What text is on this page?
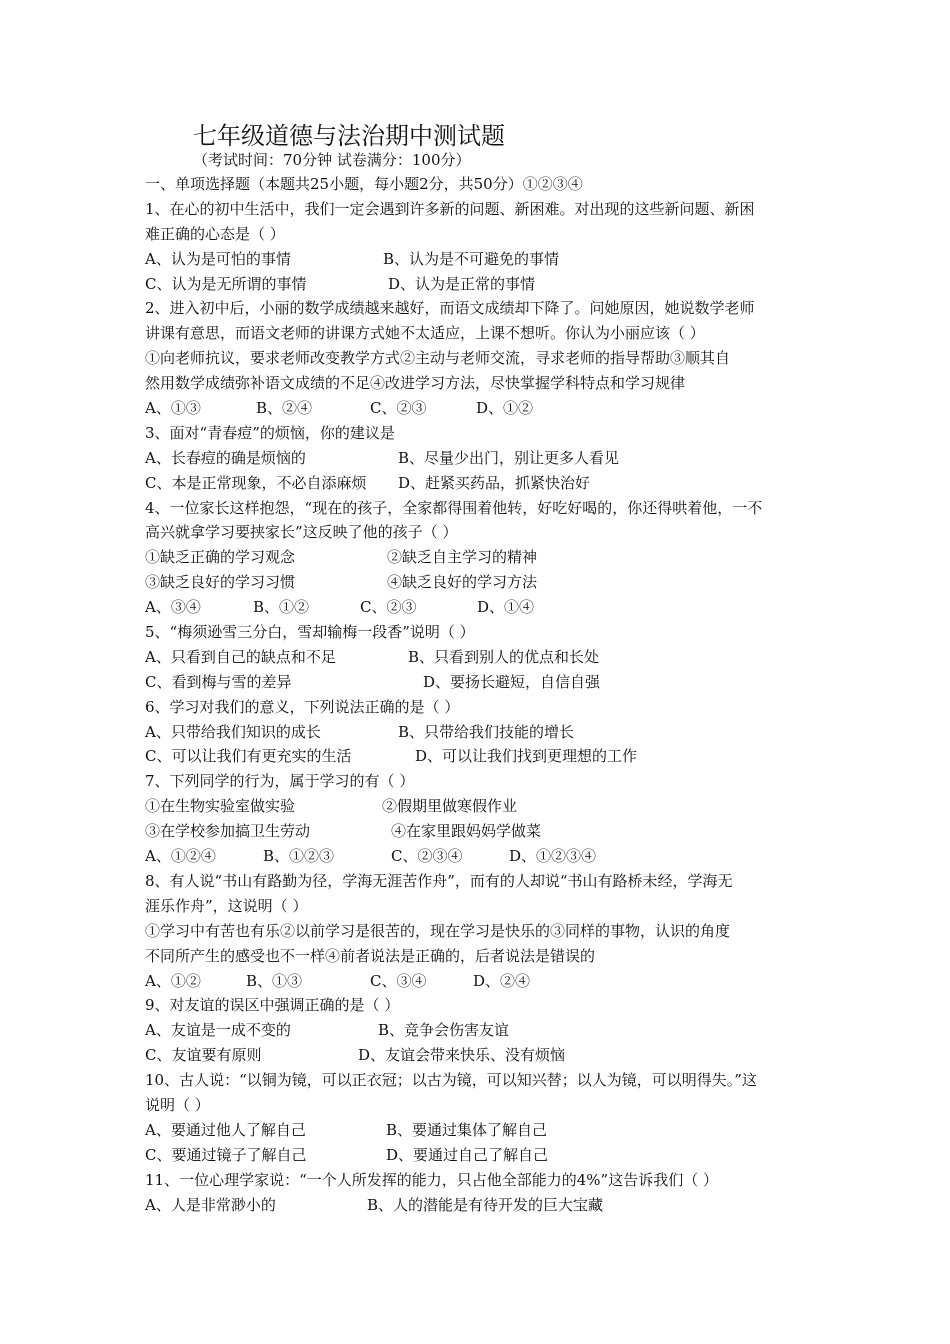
七年级道德与法治期中测试题
（考试时间：70分钟 试卷满分：100分）
一、单项选择题（本题共25小题，每小题2分，共50分）①②③④
1、在心的初中生活中，我们一定会遇到许多新的问题、新困难。对出现的这些新问题、新困
难正确的心态是（ ）
A、认为是可怕的事情	B、认为是不可避免的事情
C、认为是无所谓的事情	D、认为是正常的事情
2、进入初中后，小丽的数学成绩越来越好，而语文成绩却下降了。问她原因，她说数学老师
讲课有意思，而语文老师的讲课方式她不太适应，上课不想听。你认为小丽应该（ ）
①向老师抗议，要求老师改变教学方式②主动与老师交流，寻求老师的指导帮助③顺其自
然用数学成绩弥补语文成绩的不足④改进学习方法，尽快掌握学科特点和学习规律
A、①③	B、②④	C、②③	D、①②
3、面对“青春痘”的烦恼，你的建议是
A、长春痘的确是烦恼的	B、尽量少出门，别让更多人看见
C、本是正常现象，不必自添麻烦 D、赶紧买药品，抓紧快治好
4、一位家长这样抱怨，“现在的孩子，全家都得围着他转，好吃好喝的，你还得哄着他，一不
高兴就拿学习要挟家长”这反映了他的孩子（ ）
①缺乏正确的学习观念	②缺乏自主学习的精神
③缺乏良好的学习习惯	④缺乏良好的学习方法
A、③④	B、①②	C、②③	D、①④
5、“梅须逊雪三分白，雪却输梅一段香”说明（ ）
A、只看到自己的缺点和不足	B、只看到别人的优点和长处
C、看到梅与雪的差异	D、要扬长避短，自信自强
6、学习对我们的意义，下列说法正确的是（ ）
A、只带给我们知识的成长	B、只带给我们技能的增长
C、可以让我们有更充实的生活	D、可以让我们找到更理想的工作
7、下列同学的行为，属于学习的有（ ）
①在生物实验室做实验	②假期里做寒假作业
③在学校参加搞卫生劳动	④在家里跟妈妈学做菜
A、①②④	B、①②③	C、②③④	D、①②③④
8、有人说“书山有路勤为径，学海无涯苦作舟”，而有的人却说“书山有路桥未经，学海无
涯乐作舟”，这说明（ ）
①学习中有苦也有乐②以前学习是很苦的，现在学习是快乐的③同样的事物，认识的角度
不同所产生的感受也不一样④前者说法是正确的，后者说法是错误的
A、①②	B、①③	C、③④	D、②④
9、对友谊的误区中强调正确的是（ ）
A、友谊是一成不变的	B、竞争会伤害友谊
C、友谊要有原则	D、友谊会带来快乐、没有烦恼
10、古人说：“以铜为镜，可以正衣冠；以古为镜，可以知兴替；以人为镜，可以明得失。”这
说明（ ）
A、要通过他人了解自己	B、要通过集体了解自己
C、要通过镜子了解自己	D、要通过自己了解自己
11、一位心理学家说：“一个人所发挥的能力，只占他全部能力的4%”这告诉我们（ ）
A、人是非常渺小的	B、人的潜能是有待开发的巨大宝藏
